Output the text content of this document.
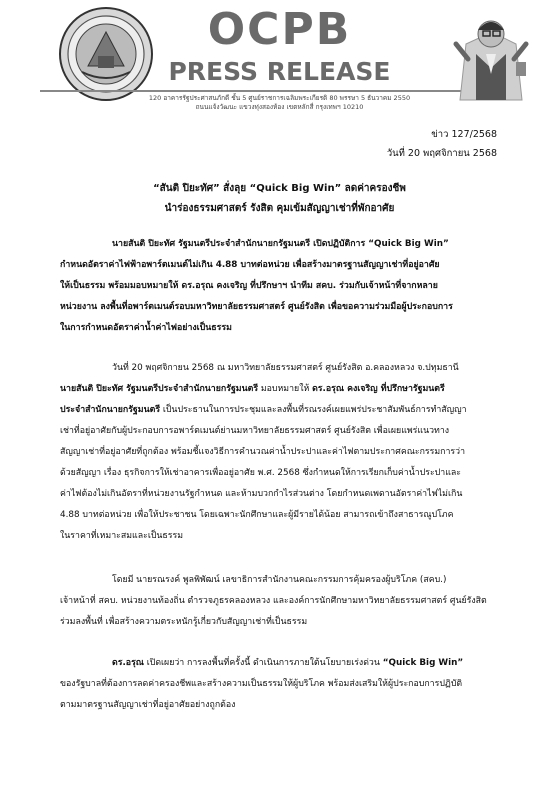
OCPB
PRESS RELEASE
120 อาคารรัฐประศาสนภักดี ชั้น 5 ศูนย์ราชการเฉลิมพระเกียรติ 80 พรรษา 5 ธันวาคม 2550
ถนนแจ้งวัฒนะ แขวงทุ่งสองห้อง เขตหลักสี่ กรุงเทพฯ 10210
ข่าว 127/2568
วันที่ 20 พฤศจิกายน 2568
“สันติ ปิยะทัศ” สั่งลุย “Quick Big Win” ลดค่าครองชีพ
นำร่องธรรมศาสตร์ รังสิต คุมเข้มสัญญาเช่าที่พักอาศัย

นายสันติ ปิยะทัศ รัฐมนตรีประจำสำนักนายกรัฐมนตรี เปิดปฏิบัติการ “Quick Big Win”

กำหนดอัตราค่าไฟฟ้าอพาร์ตเมนต์ไม่เกิน 4.88 บาทต่อหน่วย เพื่อสร้างมาตรฐานสัญญาเช่าที่อยู่อาศัย

ให้เป็นธรรม พร้อมมอบหมายให้ ดร.อรุณ คงเจริญ ที่ปรึกษาฯ นำทีม สคบ. ร่วมกับเจ้าหน้าที่จากหลาย

หน่วยงาน ลงพื้นที่อพาร์ตเมนต์รอบมหาวิทยาลัยธรรมศาสตร์ ศูนย์รังสิต เพื่อขอความร่วมมือผู้ประกอบการ

ในการกำหนดอัตราค่าน้ำค่าไฟอย่างเป็นธรรม

วันที่ 20 พฤศจิกายน 2568 ณ มหาวิทยาลัยธรรมศาสตร์ ศูนย์รังสิต อ.คลองหลวง จ.ปทุมธานี

นายสันติ ปิยะทัศ รัฐมนตรีประจำสำนักนายกรัฐมนตรี มอบหมายให้ ดร.อรุณ คงเจริญ ที่ปรึกษารัฐมนตรี

ประจำสำนักนายกรัฐมนตรี เป็นประธานในการประชุมและลงพื้นที่รณรงค์เผยแพร่ประชาสัมพันธ์การทำสัญญา

เช่าที่อยู่อาศัยกับผู้ประกอบการอพาร์ตเมนต์ย่านมหาวิทยาลัยธรรมศาสตร์ ศูนย์รังสิต เพื่อเผยแพร่แนวทาง

สัญญาเช่าที่อยู่อาศัยที่ถูกต้อง พร้อมชี้แจงวิธีการคำนวณค่าน้ำประปาและค่าไฟตามประกาศคณะกรรมการว่า

ด้วยสัญญา เรื่อง ธุรกิจการให้เช่าอาคารเพื่ออยู่อาศัย พ.ศ. 2568 ซึ่งกำหนดให้การเรียกเก็บค่าน้ำประปาและ

ค่าไฟต้องไม่เกินอัตราที่หน่วยงานรัฐกำหนด และห้ามบวกกำไรส่วนต่าง โดยกำหนดเพดานอัตราค่าไฟไม่เกิน

4.88 บาทต่อหน่วย เพื่อให้ประชาชน โดยเฉพาะนักศึกษาและผู้มีรายได้น้อย สามารถเข้าถึงสาธารณูปโภค

ในราคาที่เหมาะสมและเป็นธรรม

โดยมี นายรณรงค์ พูลพิพัฒน์ เลขาธิการสำนักงานคณะกรรมการคุ้มครองผู้บริโภค (สคบ.)

เจ้าหน้าที่ สคบ. หน่วยงานท้องถิ่น ตำรวจภูธรคลองหลวง และองค์การนักศึกษามหาวิทยาลัยธรรมศาสตร์ ศูนย์รังสิต

ร่วมลงพื้นที่ เพื่อสร้างความตระหนักรู้เกี่ยวกับสัญญาเช่าที่เป็นธรรม

ดร.อรุณ เปิดเผยว่า การลงพื้นที่ครั้งนี้ ดำเนินการภายใต้นโยบายเร่งด่วน “Quick Big Win”

ของรัฐบาลที่ต้องการลดค่าครองชีพและสร้างความเป็นธรรมให้ผู้บริโภค พร้อมส่งเสริมให้ผู้ประกอบการปฏิบัติ

ตามมาตรฐานสัญญาเช่าที่อยู่อาศัยอย่างถูกต้อง
